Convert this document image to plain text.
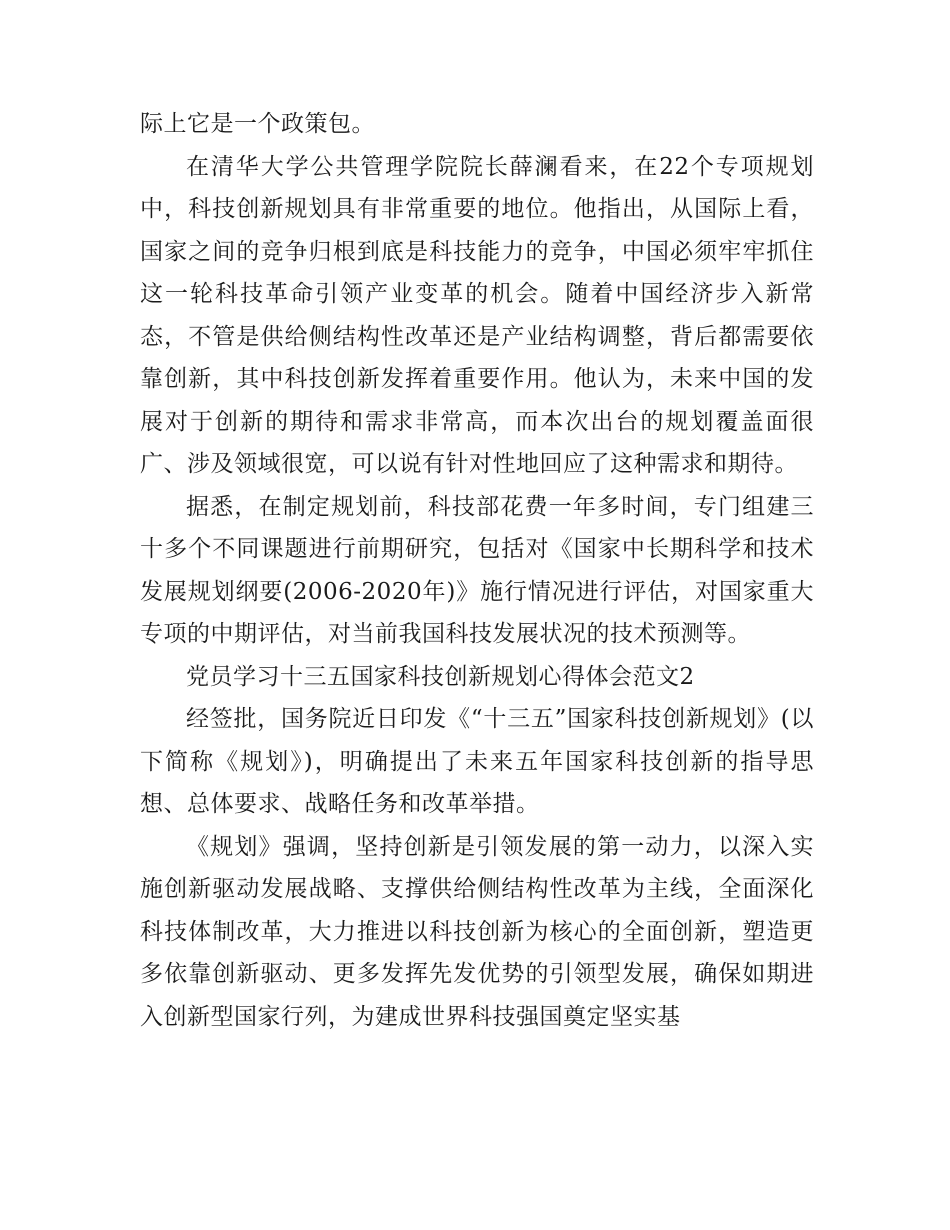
际上它是一个政策包。

在清华大学公共管理学院院长薛澜看来，在22个专项规划中，科技创新规划具有非常重要的地位。他指出，从国际上看，国家之间的竞争归根到底是科技能力的竞争，中国必须牢牢抓住这一轮科技革命引领产业变革的机会。随着中国经济步入新常态，不管是供给侧结构性改革还是产业结构调整，背后都需要依靠创新，其中科技创新发挥着重要作用。他认为，未来中国的发展对于创新的期待和需求非常高，而本次出台的规划覆盖面很广、涉及领域很宽，可以说有针对性地回应了这种需求和期待。

据悉，在制定规划前，科技部花费一年多时间，专门组建三十多个不同课题进行前期研究，包括对《国家中长期科学和技术发展规划纲要(2006-2020年)》施行情况进行评估，对国家重大专项的中期评估，对当前我国科技发展状况的技术预测等。

党员学习十三五国家科技创新规划心得体会范文2

经签批，国务院近日印发《“十三五”国家科技创新规划》(以下简称《规划》)，明确提出了未来五年国家科技创新的指导思想、总体要求、战略任务和改革举措。

《规划》强调，坚持创新是引领发展的第一动力，以深入实施创新驱动发展战略、支撑供给侧结构性改革为主线，全面深化科技体制改革，大力推进以科技创新为核心的全面创新，塑造更多依靠创新驱动、更多发挥先发优势的引领型发展，确保如期进入创新型国家行列，为建成世界科技强国奠定坚实基
